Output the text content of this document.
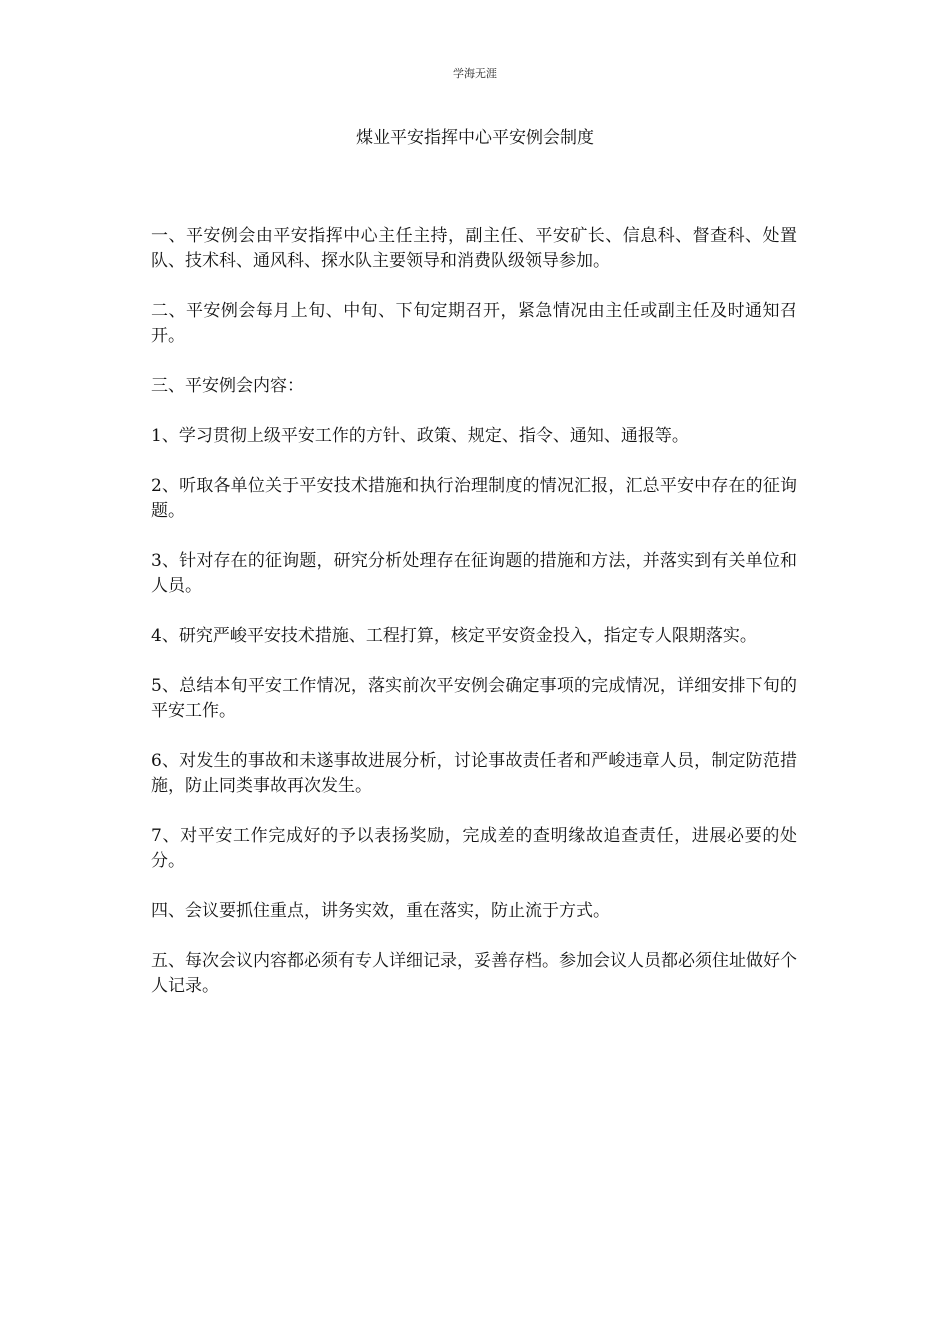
学海无涯
煤业平安指挥中心平安例会制度

一、平安例会由平安指挥中心主任主持，副主任、平安矿长、信息科、督查科、处置队、技术科、通风科、探水队主要领导和消费队级领导参加。

二、平安例会每月上旬、中旬、下旬定期召开，紧急情况由主任或副主任及时通知召开。

三、平安例会内容：

1、学习贯彻上级平安工作的方针、政策、规定、指令、通知、通报等。

2、听取各单位关于平安技术措施和执行治理制度的情况汇报，汇总平安中存在的征询题。

3、针对存在的征询题，研究分析处理存在征询题的措施和方法，并落实到有关单位和人员。

4、研究严峻平安技术措施、工程打算，核定平安资金投入，指定专人限期落实。

5、总结本旬平安工作情况，落实前次平安例会确定事项的完成情况，详细安排下旬的平安工作。

6、对发生的事故和未遂事故进展分析，讨论事故责任者和严峻违章人员，制定防范措施，防止同类事故再次发生。

7、对平安工作完成好的予以表扬奖励，完成差的查明缘故追查责任，进展必要的处分。

四、会议要抓住重点，讲务实效，重在落实，防止流于方式。

五、每次会议内容都必须有专人详细记录，妥善存档。参加会议人员都必须住址做好个人记录。
